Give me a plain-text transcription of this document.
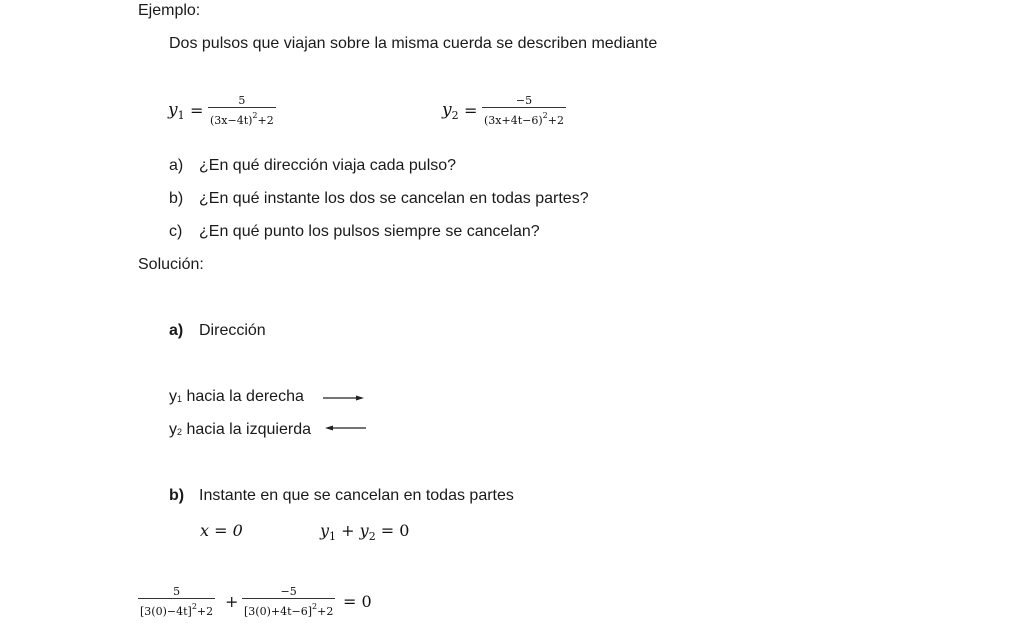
Ejemplo:
Dos pulsos que viajan sobre la misma cuerda se describen mediante
$y_1$ =
5
$(3x-4t)^2+2$
$y_2$ =
−5
$(3x+4t-6)^2+2$
a) ¿En qué dirección viaja cada pulso?
b) ¿En qué instante los dos se cancelan en todas partes?
c) ¿En qué punto los pulsos siempre se cancelan?
Solución:
a) Dirección
$y_1$ hacia la derecha
$y_2$ hacia la izquierda
b) Instante en que se cancelan en todas partes
x = 0	$y_1 + y_2 = 0$
5
$[3(0)-4t]^2+2$
+
−5
$[3(0)+4t-6]^2+2$
= 0
